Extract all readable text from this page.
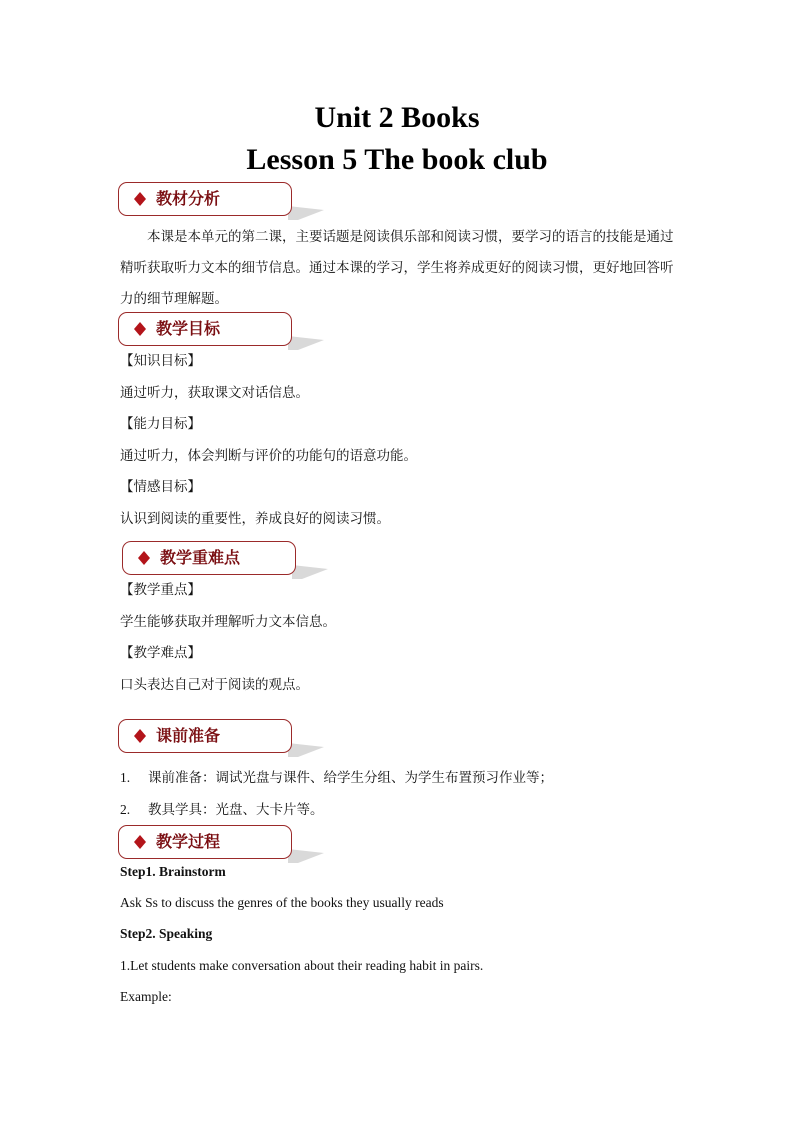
Unit 2 Books
Lesson 5 The book club
教材分析
本课是本单元的第二课，主要话题是阅读俱乐部和阅读习惯，要学习的语言的技能是通过精听获取听力文本的细节信息。通过本课的学习，学生将养成更好的阅读习惯，更好地回答听力的细节理解题。
教学目标
【知识目标】
通过听力，获取课文对话信息。
【能力目标】
通过听力，体会判断与评价的功能句的语意功能。
【情感目标】
认识到阅读的重要性，养成良好的阅读习惯。
教学重难点
【教学重点】
学生能够获取并理解听力文本信息。
【教学难点】
口头表达自己对于阅读的观点。
课前准备
1. 课前准备：调试光盘与课件、给学生分组、为学生布置预习作业等；
2. 教具学具：光盘、大卡片等。
教学过程
Step1. Brainstorm
Ask Ss to discuss the genres of the books they usually reads
Step2. Speaking
1.Let students make conversation about their reading habit in pairs.
Example:
